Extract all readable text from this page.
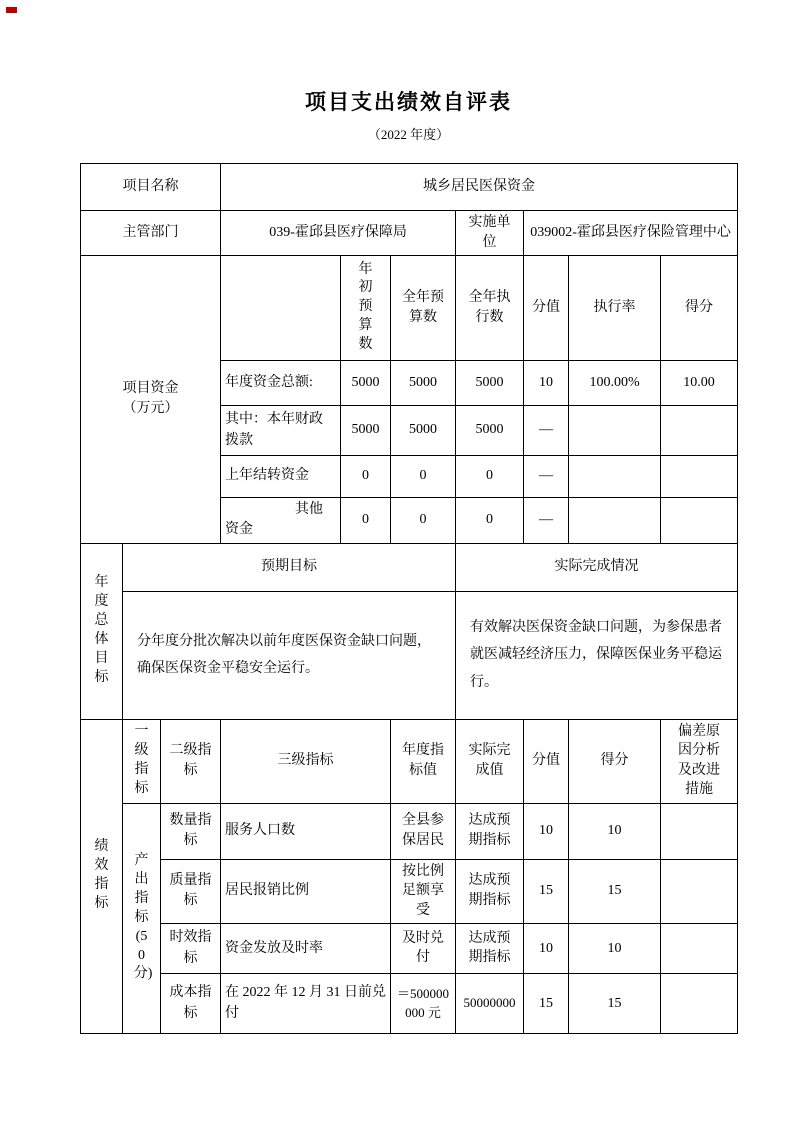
项目支出绩效自评表
（2022 年度）
项目名称			城乡居民医保资金						
主管部门			039-霍邱县医疗保障局			实施单位	039002-霍邱县医疗保险管理中心		
项目资金（万元）				年初预算数	全年预算数	全年执行数	分值	执行率	得分
			年度资金总额:	5000	5000	5000	10	100.00%	10.00
			其中：本年财政拨款	5000	5000	5000	—		
			上年结转资金	0	0	0	—		
			　　　　　其他资金	0	0	0	—		
年度总体目标	预期目标					实际完成情况			
	分年度分批次解决以前年度医保资金缺口问题，确保医保资金平稳安全运行。					有效解决医保资金缺口问题，为参保患者就医减轻经济压力，保障医保业务平稳运行。			
绩效指标	一级指标	二级指标	三级指标		年度指标值	实际完成值	分值	得分	偏差原因分析及改进措施
	产出指标(50分)	数量指标	服务人口数		全县参保居民	达成预期指标	10	10	
		质量指标	居民报销比例		按比例足额享受	达成预期指标	15	15	
		时效指标	资金发放及时率		及时兑付	达成预期指标	10	10	
		成本指标	在 2022 年 12 月 31 日前兑付		＝500000000 元	50000000	15	15	
